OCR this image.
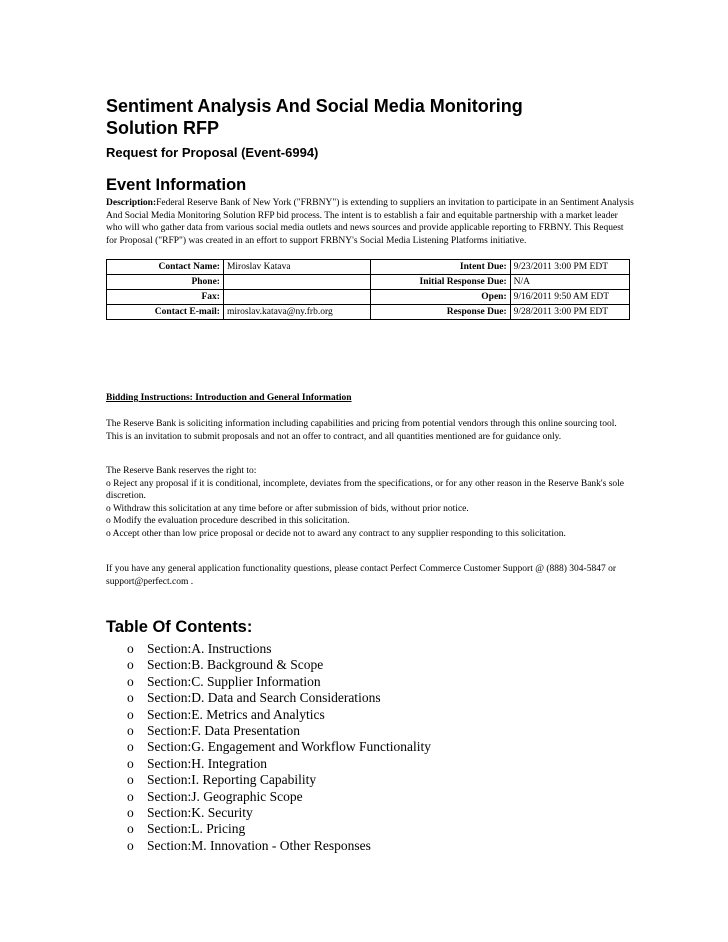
Sentiment Analysis And Social Media Monitoring
Solution RFP

Request for Proposal (Event-6994)

Event Information

Description:Federal Reserve Bank of New York ("FRBNY") is extending to suppliers an invitation to participate in an Sentiment Analysis And Social Media Monitoring Solution RFP bid process. The intent is to establish a fair and equitable partnership with a market leader who will who gather data from various social media outlets and news sources and provide applicable reporting to FRBNY. This Request for Proposal ("RFP") was created in an effort to support FRBNY's Social Media Listening Platforms initiative.

Contact Name:	Miroslav Katava	Intent Due:	9/23/2011 3:00 PM EDT
Phone:		Initial Response Due:	N/A
Fax:		Open:	9/16/2011 9:50 AM EDT
Contact E-mail:	miroslav.katava@ny.frb.org	Response Due:	9/28/2011 3:00 PM EDT

Bidding Instructions: Introduction and General Information

The Reserve Bank is soliciting information including capabilities and pricing from potential vendors through this online sourcing tool. This is an invitation to submit proposals and not an offer to contract, and all quantities mentioned are for guidance only.

The Reserve Bank reserves the right to:
o Reject any proposal if it is conditional, incomplete, deviates from the specifications, or for any other reason in the Reserve Bank's sole discretion.
o Withdraw this solicitation at any time before or after submission of bids, without prior notice.
o Modify the evaluation procedure described in this solicitation.
o Accept other than low price proposal or decide not to award any contract to any supplier responding to this solicitation.

If you have any general application functionality questions, please contact Perfect Commerce Customer Support @ (888) 304-5847 or support@perfect.com .

Table Of Contents:
o Section:A. Instructions
o Section:B. Background & Scope
o Section:C. Supplier Information
o Section:D. Data and Search Considerations
o Section:E. Metrics and Analytics
o Section:F. Data Presentation
o Section:G. Engagement and Workflow Functionality
o Section:H. Integration
o Section:I. Reporting Capability
o Section:J. Geographic Scope
o Section:K. Security
o Section:L. Pricing
o Section:M. Innovation - Other Responses
